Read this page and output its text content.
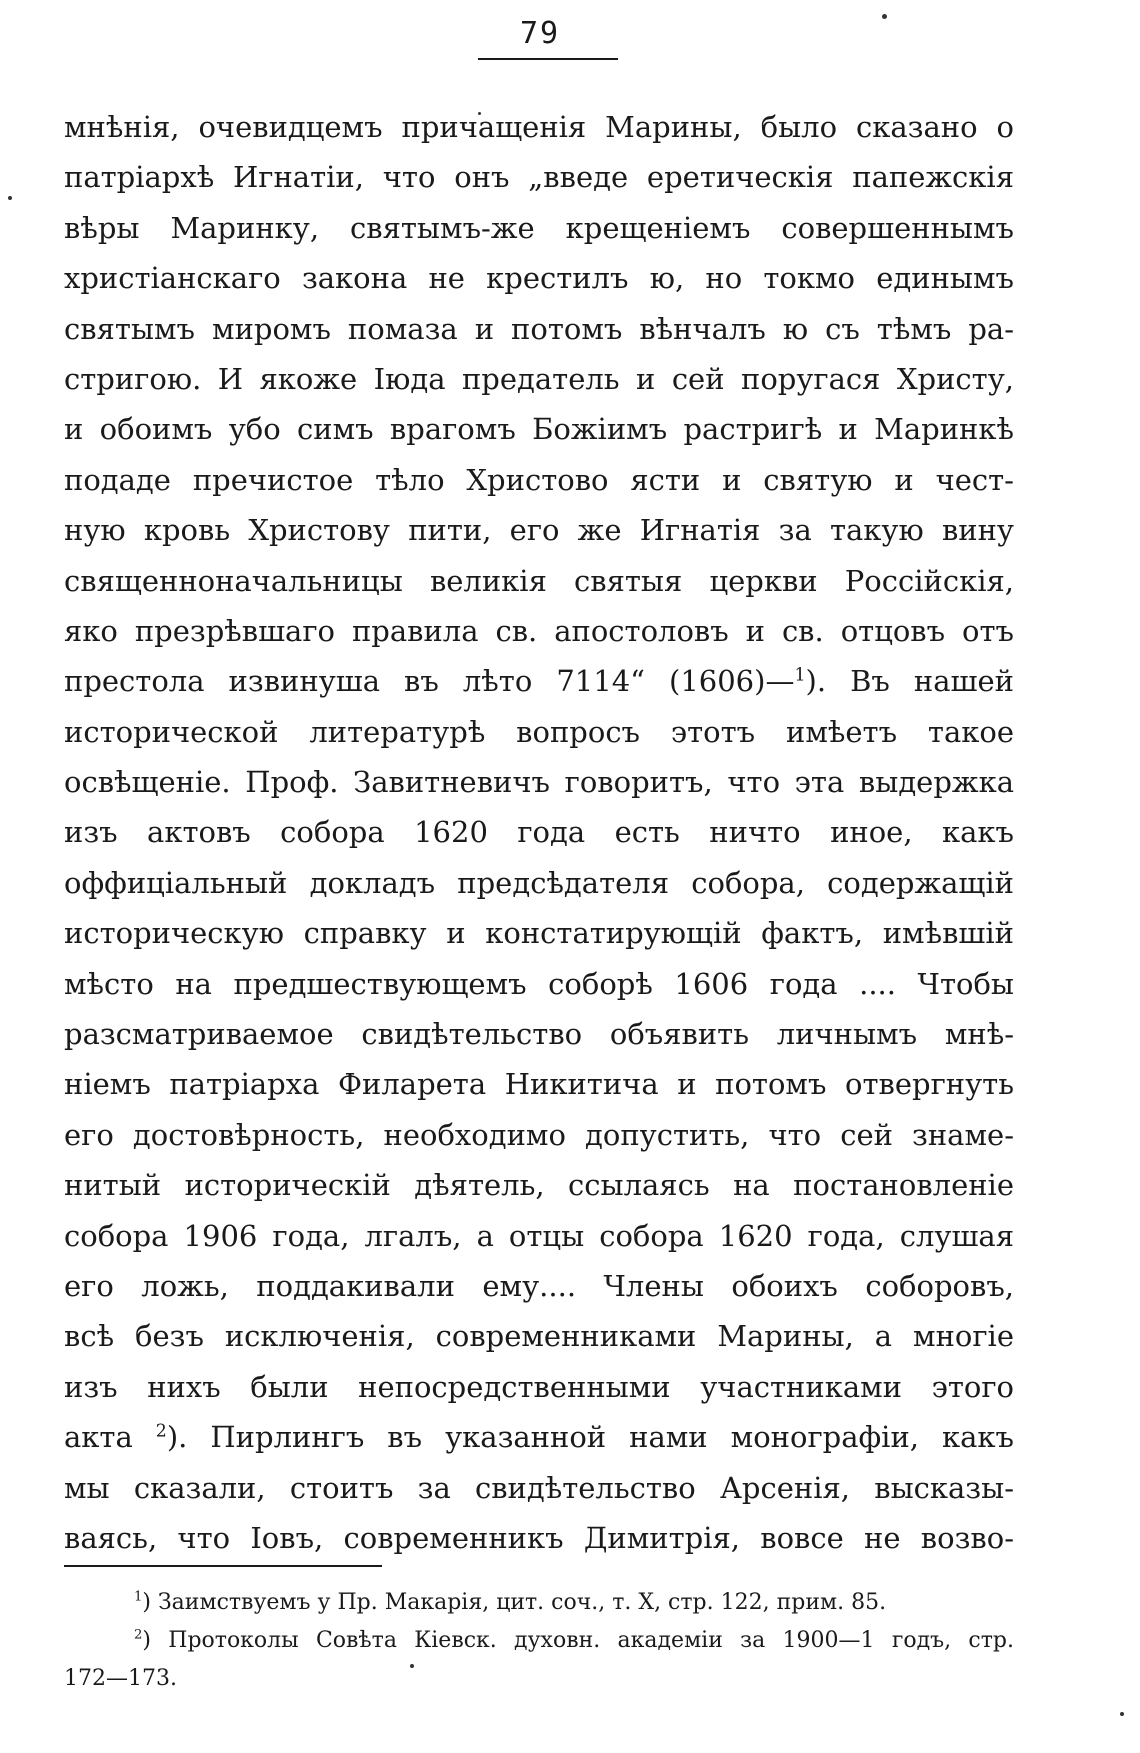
79
мнѣнія, очевидцемъ причащенія Марины, было сказано о
патріархѣ Игнатіи, что онъ „введе еретическія папежскія
вѣры Маринку, святымъ-же крещеніемъ совершеннымъ
христіанскаго закона не крестилъ ю, но токмо единымъ
святымъ миромъ помаза и потомъ вѣнчалъ ю съ тѣмъ ра-
стригою. И якоже Іюда предатель и сей поругася Христу,
и обоимъ убо симъ врагомъ Божіимъ растригѣ и Маринкѣ
подаде пречистое тѣло Христово ясти и святую и чест-
ную кровь Христову пити, его же Игнатія за такую вину
священноначальницы великія святыя церкви Россійскія,
яко презрѣвшаго правила св. апостоловъ и св. отцовъ отъ
престола извинуша въ лѣто 7114“ (1606)—$^1$). Въ нашей
исторической литературѣ вопросъ этотъ имѣетъ такое
освѣщеніе. Проф. Завитневичъ говоритъ, что эта выдержка
изъ актовъ собора 1620 года есть ничто иное, какъ
оффиціальный докладъ предсѣдателя собора, содержащій
историческую справку и констатирующій фактъ, имѣвшій
мѣсто на предшествующемъ соборѣ 1606 года .... Чтобы
разсматриваемое свидѣтельство объявить личнымъ мнѣ-
ніемъ патріарха Филарета Никитича и потомъ отвергнуть
его достовѣрность, необходимо допустить, что сей знаме-
нитый историческій дѣятель, ссылаясь на постановленіе
собора 1906 года, лгалъ, а отцы собора 1620 года, слушая
его ложь, поддакивали ему.... Члены обоихъ соборовъ,
всѣ безъ исключенія, современниками Марины, а многіе
изъ нихъ были непосредственными участниками этого
акта $^2$). Пирлингъ въ указанной нами монографіи, какъ
мы сказали, стоитъ за свидѣтельство Арсенія, высказы-
ваясь, что Іовъ, современникъ Димитрія, вовсе не возво-
$^1$) Заимствуемъ у Пр. Макарія, цит. соч., т. X, стр. 122, прим. 85.
$^2$) Протоколы Совѣта Кіевск. духовн. академіи за 1900—1 годъ, стр.
172—173.
